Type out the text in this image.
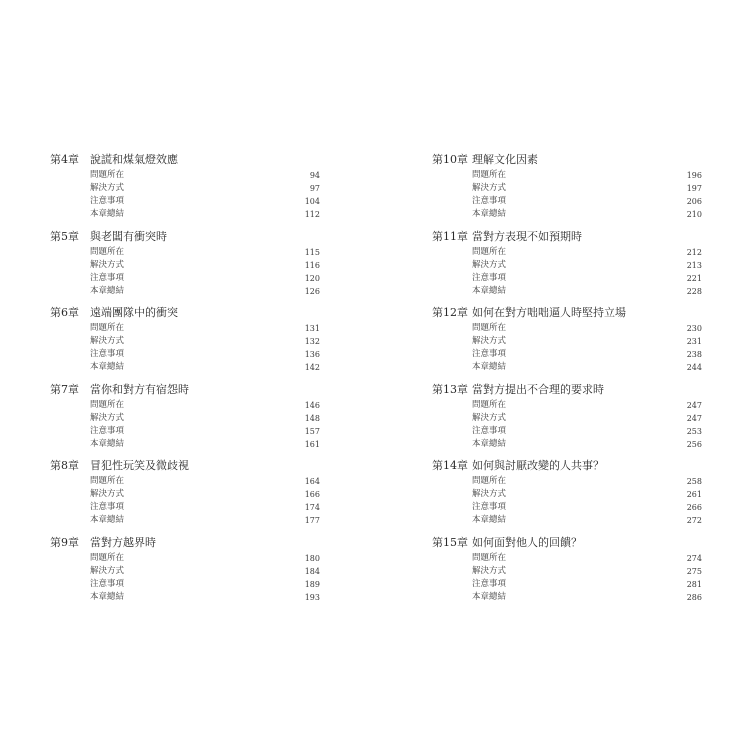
第4章	說謊和煤氣燈效應
問題所在	94
解決方式	97
注意事項	104
本章總結	112
第5章	與老闆有衝突時
問題所在	115
解決方式	116
注意事項	120
本章總結	126
第6章	遠端團隊中的衝突
問題所在	131
解決方式	132
注意事項	136
本章總結	142
第7章	當你和對方有宿怨時
問題所在	146
解決方式	148
注意事項	157
本章總結	161
第8章	冒犯性玩笑及微歧視
問題所在	164
解決方式	166
注意事項	174
本章總結	177
第9章	當對方越界時
問題所在	180
解決方式	184
注意事項	189
本章總結	193
第10章 理解文化因素
問題所在	196
解決方式	197
注意事項	206
本章總結	210
第11章 當對方表現不如預期時
問題所在	212
解決方式	213
注意事項	221
本章總結	228
第12章 如何在對方咄咄逼人時堅持立場
問題所在	230
解決方式	231
注意事項	238
本章總結	244
第13章 當對方提出不合理的要求時
問題所在	247
解決方式	247
注意事項	253
本章總結	256
第14章 如何與討厭改變的人共事？
問題所在	258
解決方式	261
注意事項	266
本章總結	272
第15章 如何面對他人的回饋？
問題所在	274
解決方式	275
注意事項	281
本章總結	286
